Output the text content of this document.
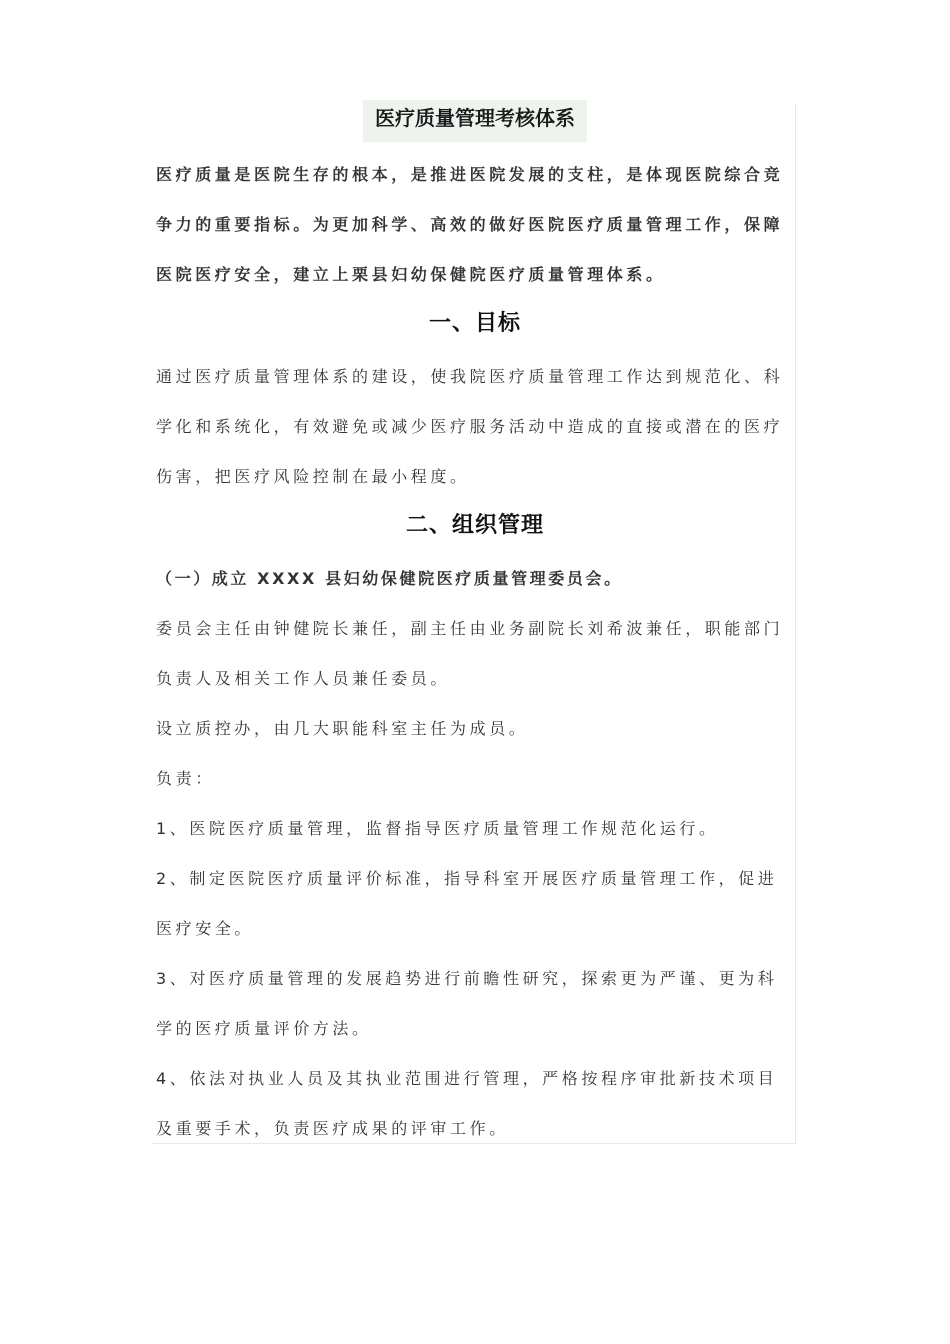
医疗质量管理考核体系

医疗质量是医院生存的根本，是推进医院发展的支柱，是体现医院综合竞争力的重要指标。为更加科学、高效的做好医院医疗质量管理工作，保障医院医疗安全，建立上栗县妇幼保健院医疗质量管理体系。

一、目标

通过医疗质量管理体系的建设，使我院医疗质量管理工作达到规范化、科学化和系统化，有效避免或减少医疗服务活动中造成的直接或潜在的医疗伤害，把医疗风险控制在最小程度。

二、组织管理

（一）成立 XXXX 县妇幼保健院医疗质量管理委员会。

委员会主任由钟健院长兼任，副主任由业务副院长刘希波兼任，职能部门负责人及相关工作人员兼任委员。

设立质控办，由几大职能科室主任为成员。

负责：

1、医院医疗质量管理，监督指导医疗质量管理工作规范化运行。

2、制定医院医疗质量评价标准，指导科室开展医疗质量管理工作，促进医疗安全。

3、对医疗质量管理的发展趋势进行前瞻性研究，探索更为严谨、更为科学的医疗质量评价方法。

4、依法对执业人员及其执业范围进行管理，严格按程序审批新技术项目及重要手术，负责医疗成果的评审工作。
